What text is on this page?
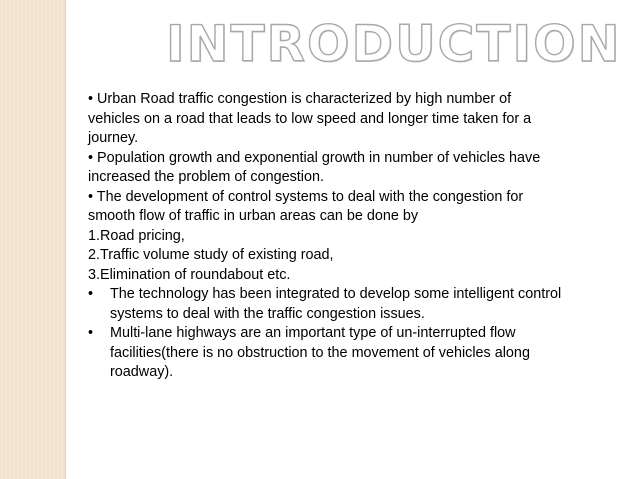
INTRODUCTION
• Urban Road traffic congestion is characterized by high number of
vehicles on a road that leads to low speed and longer time taken for a
journey.
• Population growth and exponential growth in number of vehicles have
increased the problem of congestion.
• The development of control systems to deal with the congestion for
smooth flow of traffic in urban areas can be done by
1.Road pricing,
2.Traffic volume study of existing road,
3.Elimination of roundabout etc.
•	The technology has been integrated to develop some intelligent control
systems to deal with the traffic congestion issues.
•	Multi-lane highways are an important type of un-interrupted flow
facilities(there is no obstruction to the movement of vehicles along
roadway).
